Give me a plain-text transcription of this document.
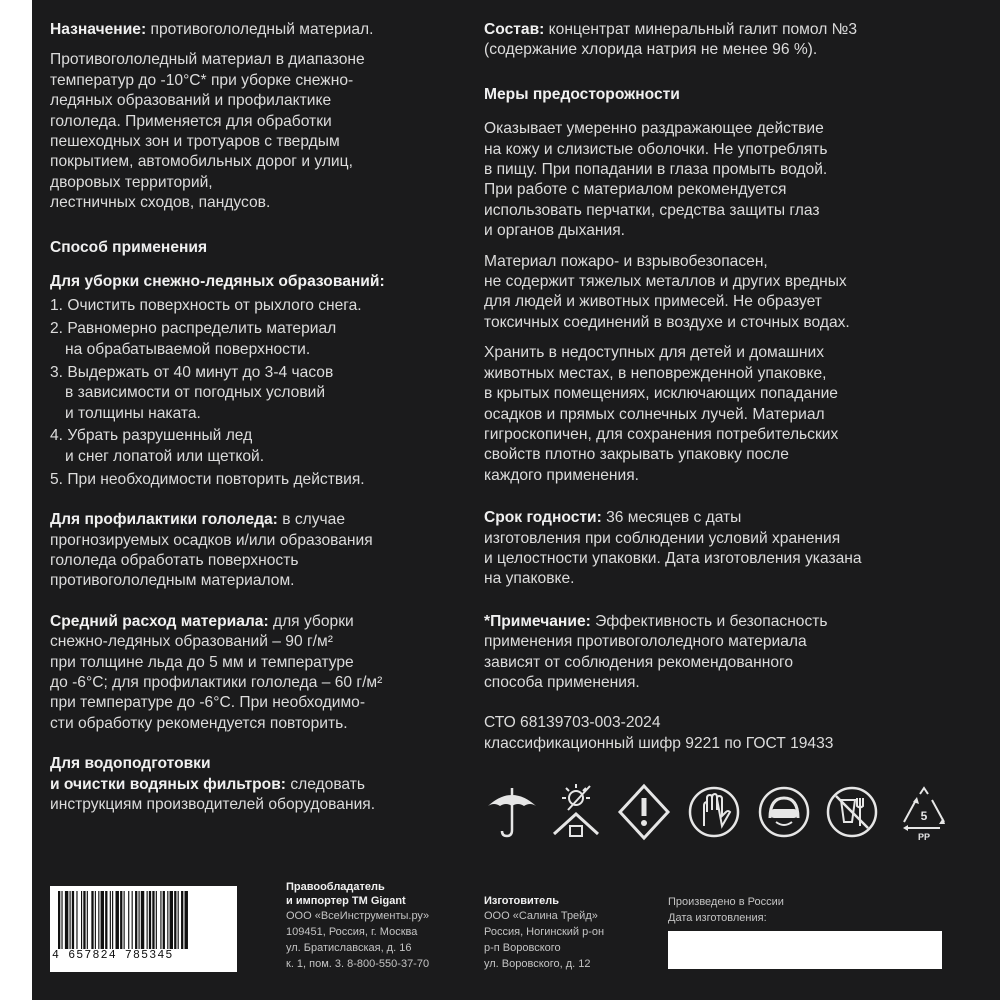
Назначение: противогололедный материал.

Противогололедный материал в диапазоне

температур до -10°C* при уборке снежно-

ледяных образований и профилактике

гололеда. Применяется для обработки

пешеходных зон и тротуаров с твердым

покрытием, автомобильных дорог и улиц,

дворовых территорий,

лестничных сходов, пандусов.

Способ применения

Для уборки снежно-ледяных образований:

1. Очистить поверхность от рыхлого снега.
2. Равномерно распределить материал
на обрабатываемой поверхности.
3. Выдержать от 40 минут до 3-4 часов
в зависимости от погодных условий
и толщины наката.
4. Убрать разрушенный лед
и снег лопатой или щеткой.
5. При необходимости повторить действия.

Для профилактики гололеда: в случае

прогнозируемых осадков и/или образования

гололеда обработать поверхность

противогололедным материалом.

Средний расход материала: для уборки

снежно-ледяных образований – 90 г/м²

при толщине льда до 5 мм и температуре

до -6°C; для профилактики гололеда – 60 г/м²

при температуре до -6°C. При необходимо-

сти обработку рекомендуется повторить.

Для водоподготовки

и очистки водяных фильтров: следовать

инструкциям производителей оборудования.

Состав: концентрат минеральный галит помол №3

(содержание хлорида натрия не менее 96 %).

Меры предосторожности

Оказывает умеренно раздражающее действие

на кожу и слизистые оболочки. Не употреблять

в пищу. При попадании в глаза промыть водой.

При работе с материалом рекомендуется

использовать перчатки, средства защиты глаз

и органов дыхания.

Материал пожаро- и взрывобезопасен,

не содержит тяжелых металлов и других вредных

для людей и животных примесей. Не образует

токсичных соединений в воздухе и сточных водах.

Хранить в недоступных для детей и домашних

животных местах, в неповрежденной упаковке,

в крытых помещениях, исключающих попадание

осадков и прямых солнечных лучей. Материал

гигроскопичен, для сохранения потребительских

свойств плотно закрывать упаковку после

каждого применения.

Срок годности: 36 месяцев с даты

изготовления при соблюдении условий хранения

и целостности упаковки. Дата изготовления указана

на упаковке.

*Примечание: Эффективность и безопасность

применения противогололедного материала

зависят от соблюдения рекомендованного

способа применения.

СТО 68139703-003-2024

классификационный шифр 9221 по ГОСТ 19433

5
PP
4 657824 785345

Правообладатель

и импортер ТМ Gigant

ООО «ВсеИнструменты.ру»

109451, Россия, г. Москва

ул. Братиславская, д. 16

к. 1, пом. 3. 8-800-550-37-70

Изготовитель

ООО «Салина Трейд»

Россия, Ногинский р-он

р-п Воровского

ул. Воровского, д. 12

Произведено в России

Дата изготовления:
